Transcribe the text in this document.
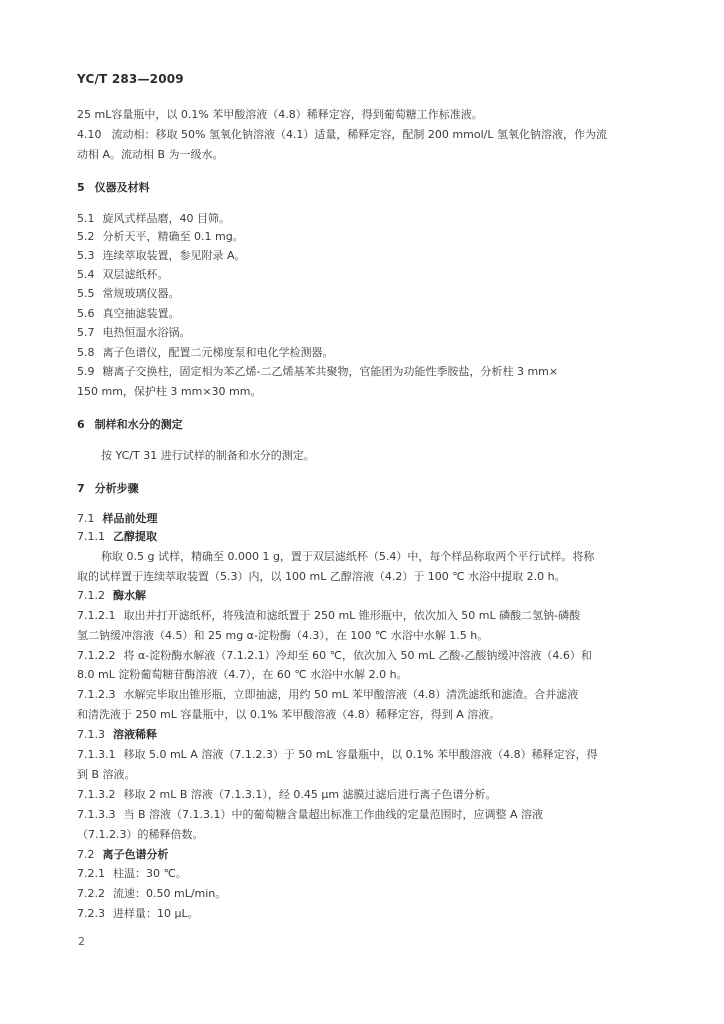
YC/T 283—2009
25 mL容量瓶中，以 0.1% 苯甲酸溶液（4.8）稀释定容，得到葡萄糖工作标准液。
4.10 流动相：移取 50% 氢氧化钠溶液（4.1）适量，稀释定容，配制 200 mmol/L 氢氧化钠溶液，作为流
动相 A。流动相 B 为一级水。
5 仪器及材料
5.1 旋风式样品磨，40 目筛。
5.2 分析天平，精确至 0.1 mg。
5.3 连续萃取装置，参见附录 A。
5.4 双层滤纸杯。
5.5 常规玻璃仪器。
5.6 真空抽滤装置。
5.7 电热恒温水浴锅。
5.8 离子色谱仪，配置二元梯度泵和电化学检测器。
5.9 糖离子交换柱，固定相为苯乙烯-二乙烯基苯共聚物，官能团为功能性季胺盐，分析柱 3 mm×
150 mm，保护柱 3 mm×30 mm。
6 制样和水分的测定
按 YC/T 31 进行试样的制备和水分的测定。
7 分析步骤
7.1 样品前处理
7.1.1 乙醇提取
称取 0.5 g 试样，精确至 0.000 1 g，置于双层滤纸杯（5.4）中，每个样品称取两个平行试样。将称
取的试样置于连续萃取装置（5.3）内，以 100 mL 乙醇溶液（4.2）于 100 ℃ 水浴中提取 2.0 h。
7.1.2 酶水解
7.1.2.1 取出并打开滤纸杯，将残渣和滤纸置于 250 mL 锥形瓶中，依次加入 50 mL 磷酸二氢钠-磷酸
氢二钠缓冲溶液（4.5）和 25 mg α-淀粉酶（4.3），在 100 ℃ 水浴中水解 1.5 h。
7.1.2.2 将 α-淀粉酶水解液（7.1.2.1）冷却至 60 ℃，依次加入 50 mL 乙酸-乙酸钠缓冲溶液（4.6）和
8.0 mL 淀粉葡萄糖苷酶溶液（4.7），在 60 ℃ 水浴中水解 2.0 h。
7.1.2.3 水解完毕取出锥形瓶，立即抽滤，用约 50 mL 苯甲酸溶液（4.8）清洗滤纸和滤渣。合并滤液
和清洗液于 250 mL 容量瓶中，以 0.1% 苯甲酸溶液（4.8）稀释定容，得到 A 溶液。
7.1.3 溶液稀释
7.1.3.1 移取 5.0 mL A 溶液（7.1.2.3）于 50 mL 容量瓶中，以 0.1% 苯甲酸溶液（4.8）稀释定容，得
到 B 溶液。
7.1.3.2 移取 2 mL B 溶液（7.1.3.1），经 0.45 μm 滤膜过滤后进行离子色谱分析。
7.1.3.3 当 B 溶液（7.1.3.1）中的葡萄糖含量超出标准工作曲线的定量范围时，应调整 A 溶液
（7.1.2.3）的稀释倍数。
7.2 离子色谱分析
7.2.1 柱温：30 ℃。
7.2.2 流速：0.50 mL/min。
7.2.3 进样量：10 μL。
2
